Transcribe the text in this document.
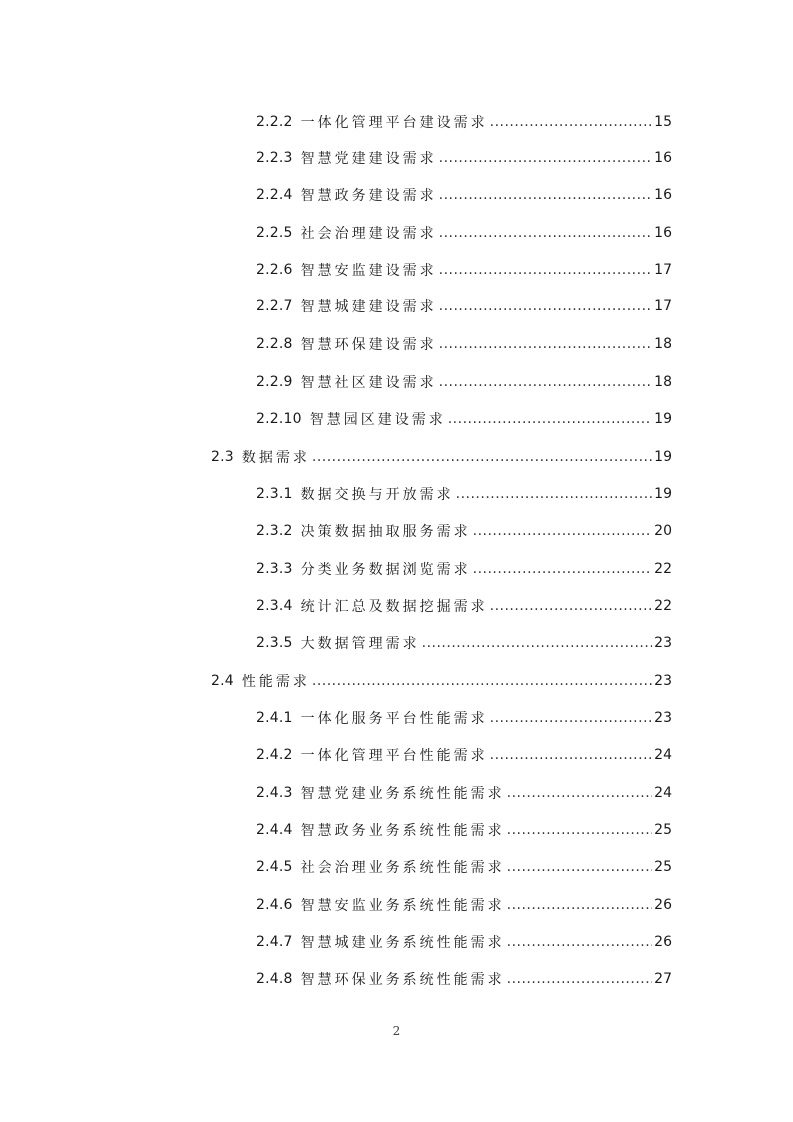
2.2.2 一体化管理平台建设需求 .....	15
2.2.3 智慧党建建设需求 .....	16
2.2.4 智慧政务建设需求 .....	16
2.2.5 社会治理建设需求 .....	16
2.2.6 智慧安监建设需求 .....	17
2.2.7 智慧城建建设需求 .....	17
2.2.8 智慧环保建设需求 .....	18
2.2.9 智慧社区建设需求 .....	18
2.2.10 智慧园区建设需求 .....	19
2.3 数据需求 .....	19
2.3.1 数据交换与开放需求 .....	19
2.3.2 决策数据抽取服务需求 .....	20
2.3.3 分类业务数据浏览需求 .....	22
2.3.4 统计汇总及数据挖掘需求 .....	22
2.3.5 大数据管理需求 .....	23
2.4 性能需求 .....	23
2.4.1 一体化服务平台性能需求 .....	23
2.4.2 一体化管理平台性能需求 .....	24
2.4.3 智慧党建业务系统性能需求 .....	24
2.4.4 智慧政务业务系统性能需求 .....	25
2.4.5 社会治理业务系统性能需求 .....	25
2.4.6 智慧安监业务系统性能需求 .....	26
2.4.7 智慧城建业务系统性能需求 .....	26
2.4.8 智慧环保业务系统性能需求 .....	27
2
